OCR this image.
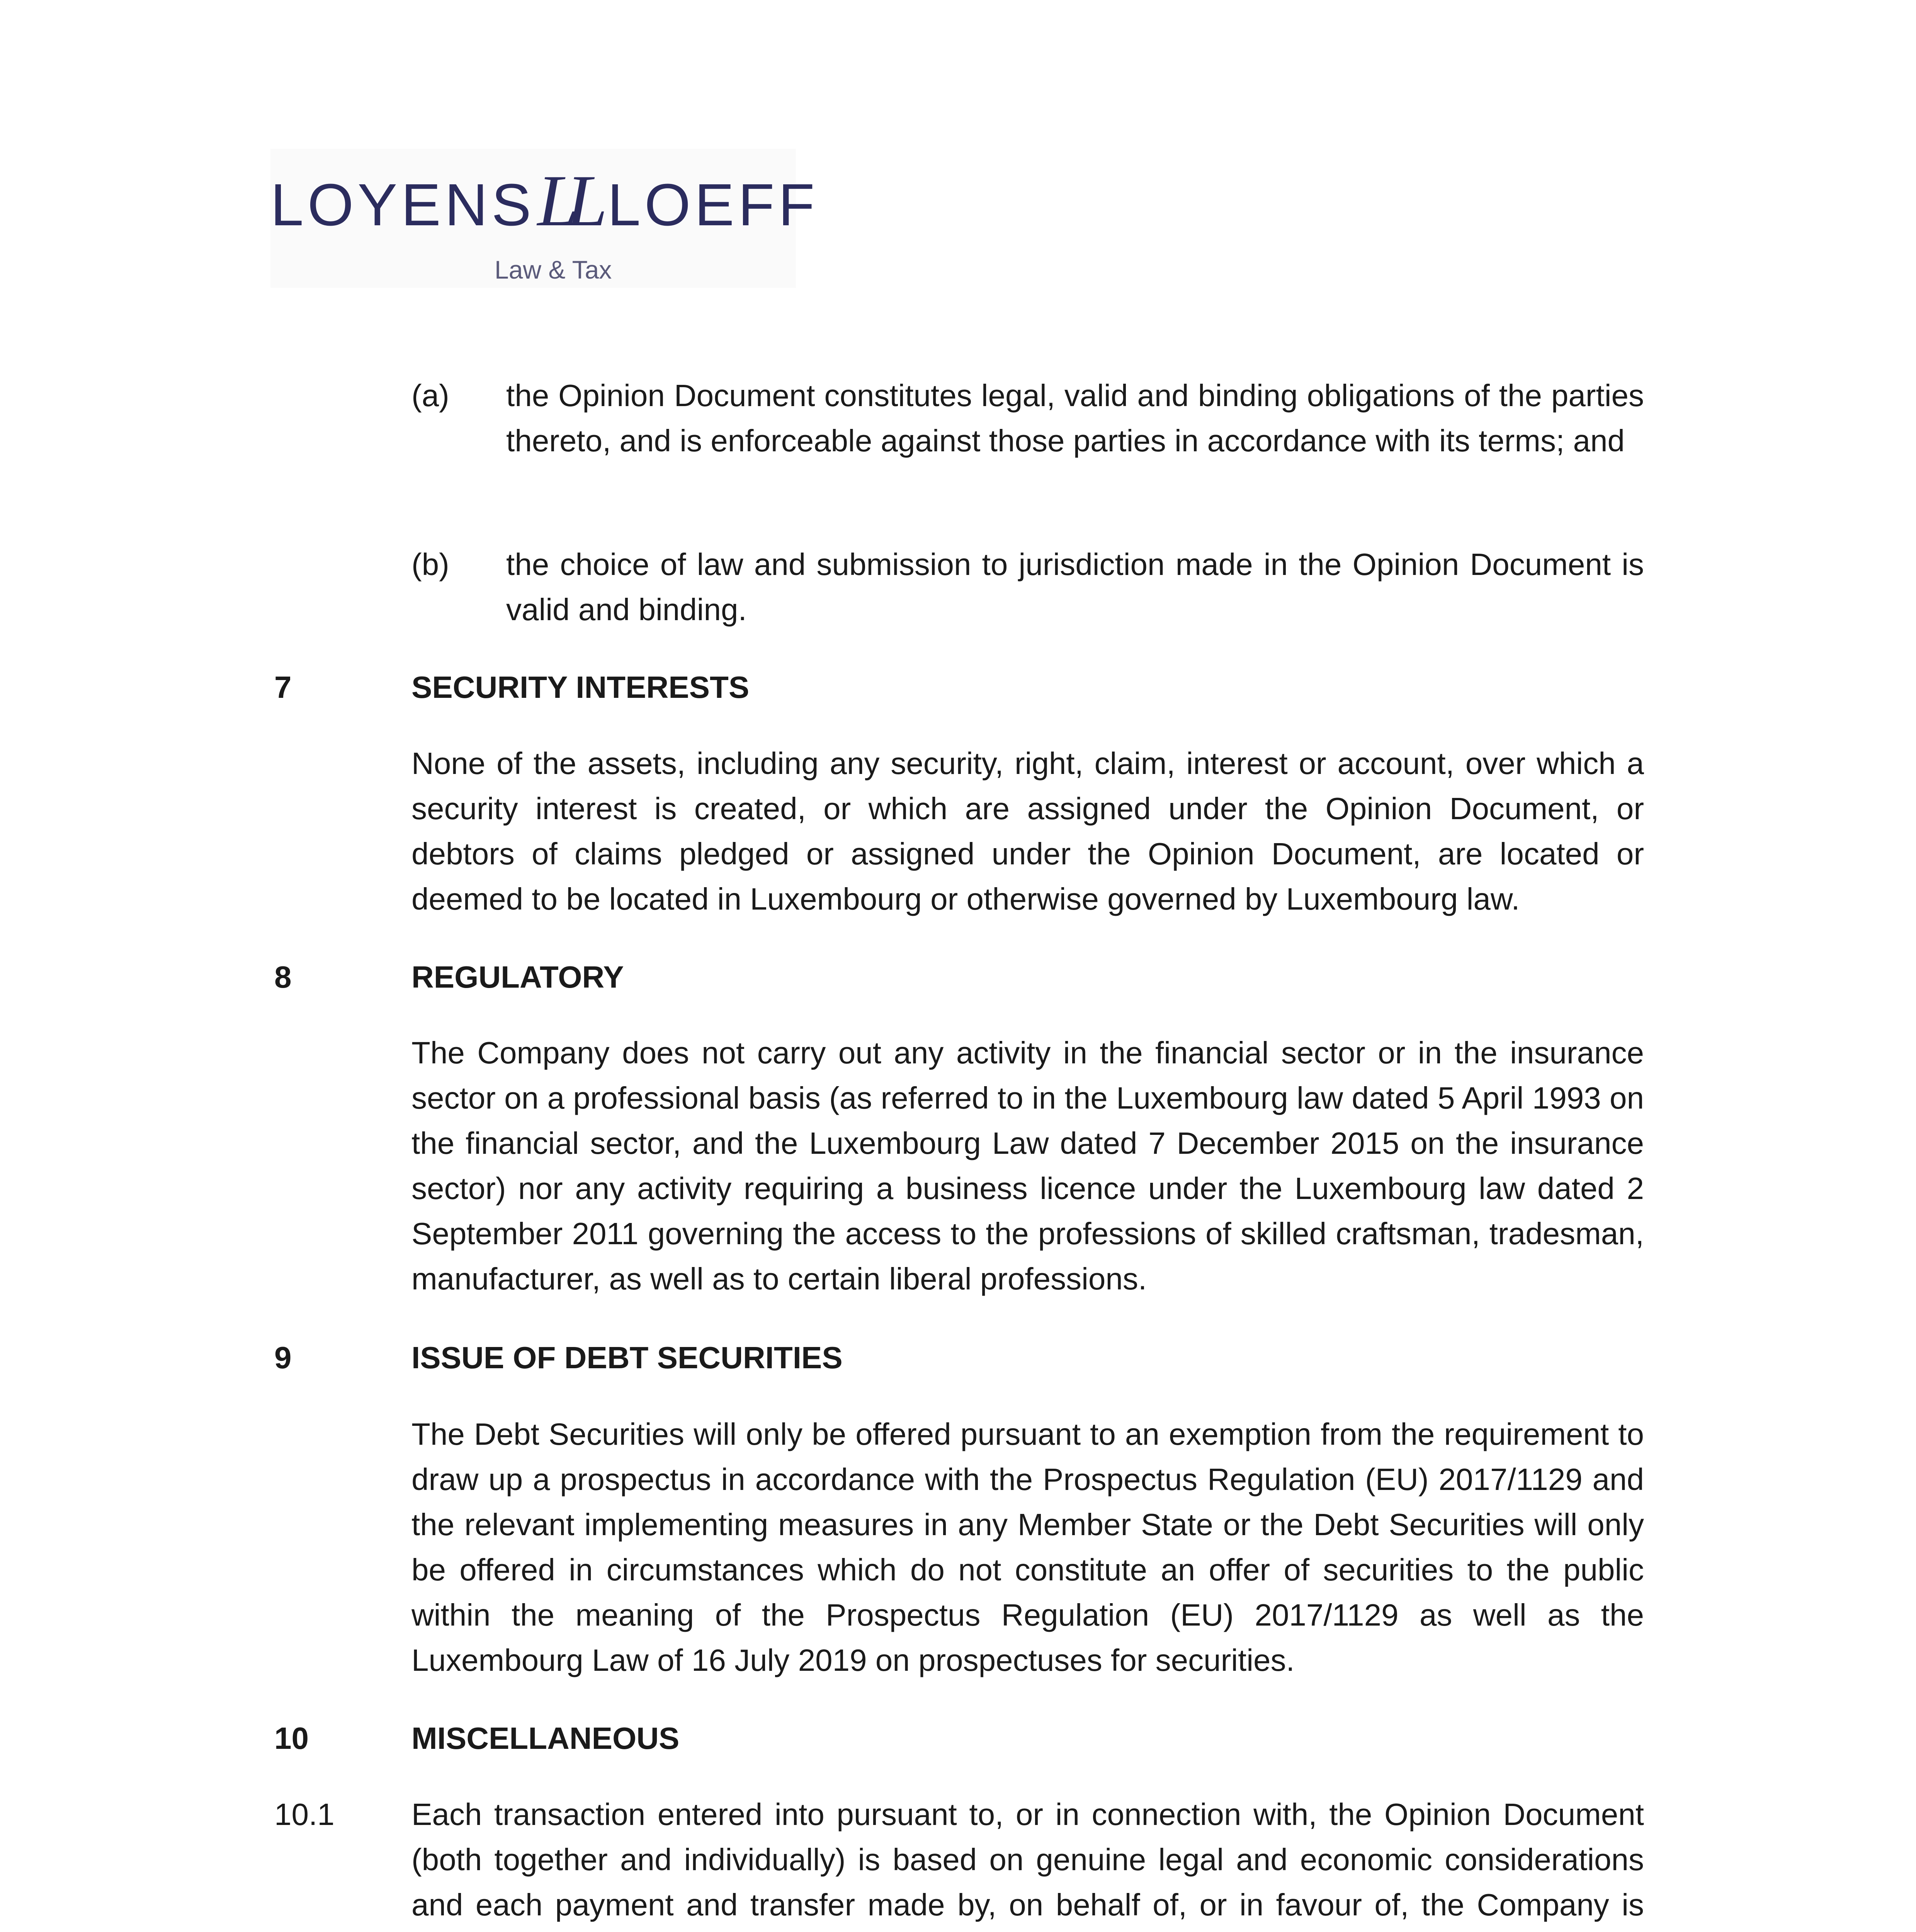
LOYENSLL LOEFF
Law & Tax
(a) the Opinion Document constitutes legal, valid and binding obligations of the parties thereto, and is enforceable against those parties in accordance with its terms; and
(b) the choice of law and submission to jurisdiction made in the Opinion Document is valid and binding.
7	SECURITY INTERESTS
None of the assets, including any security, right, claim, interest or account, over which a security interest is created, or which are assigned under the Opinion Document, or debtors of claims pledged or assigned under the Opinion Document, are located or deemed to be located in Luxembourg or otherwise governed by Luxembourg law.
8	REGULATORY
The Company does not carry out any activity in the financial sector or in the insurance sector on a professional basis (as referred to in the Luxembourg law dated 5 April 1993 on the financial sector, and the Luxembourg Law dated 7 December 2015 on the insurance sector) nor any activity requiring a business licence under the Luxembourg law dated 2 September 2011 governing the access to the professions of skilled craftsman, tradesman, manufacturer, as well as to certain liberal professions.
9	ISSUE OF DEBT SECURITIES
The Debt Securities will only be offered pursuant to an exemption from the requirement to draw up a prospectus in accordance with the Prospectus Regulation (EU) 2017/1129 and the relevant implementing measures in any Member State or the Debt Securities will only be offered in circumstances which do not constitute an offer of securities to the public within the meaning of the Prospectus Regulation (EU) 2017/1129 as well as the Luxembourg Law of 16 July 2019 on prospectuses for securities.
10	MISCELLANEOUS
10.1 Each transaction entered into pursuant to, or in connection with, the Opinion Document (both together and individually) is based on genuine legal and economic considerations and each payment and transfer made by, on behalf of, or in favour of, the Company is
